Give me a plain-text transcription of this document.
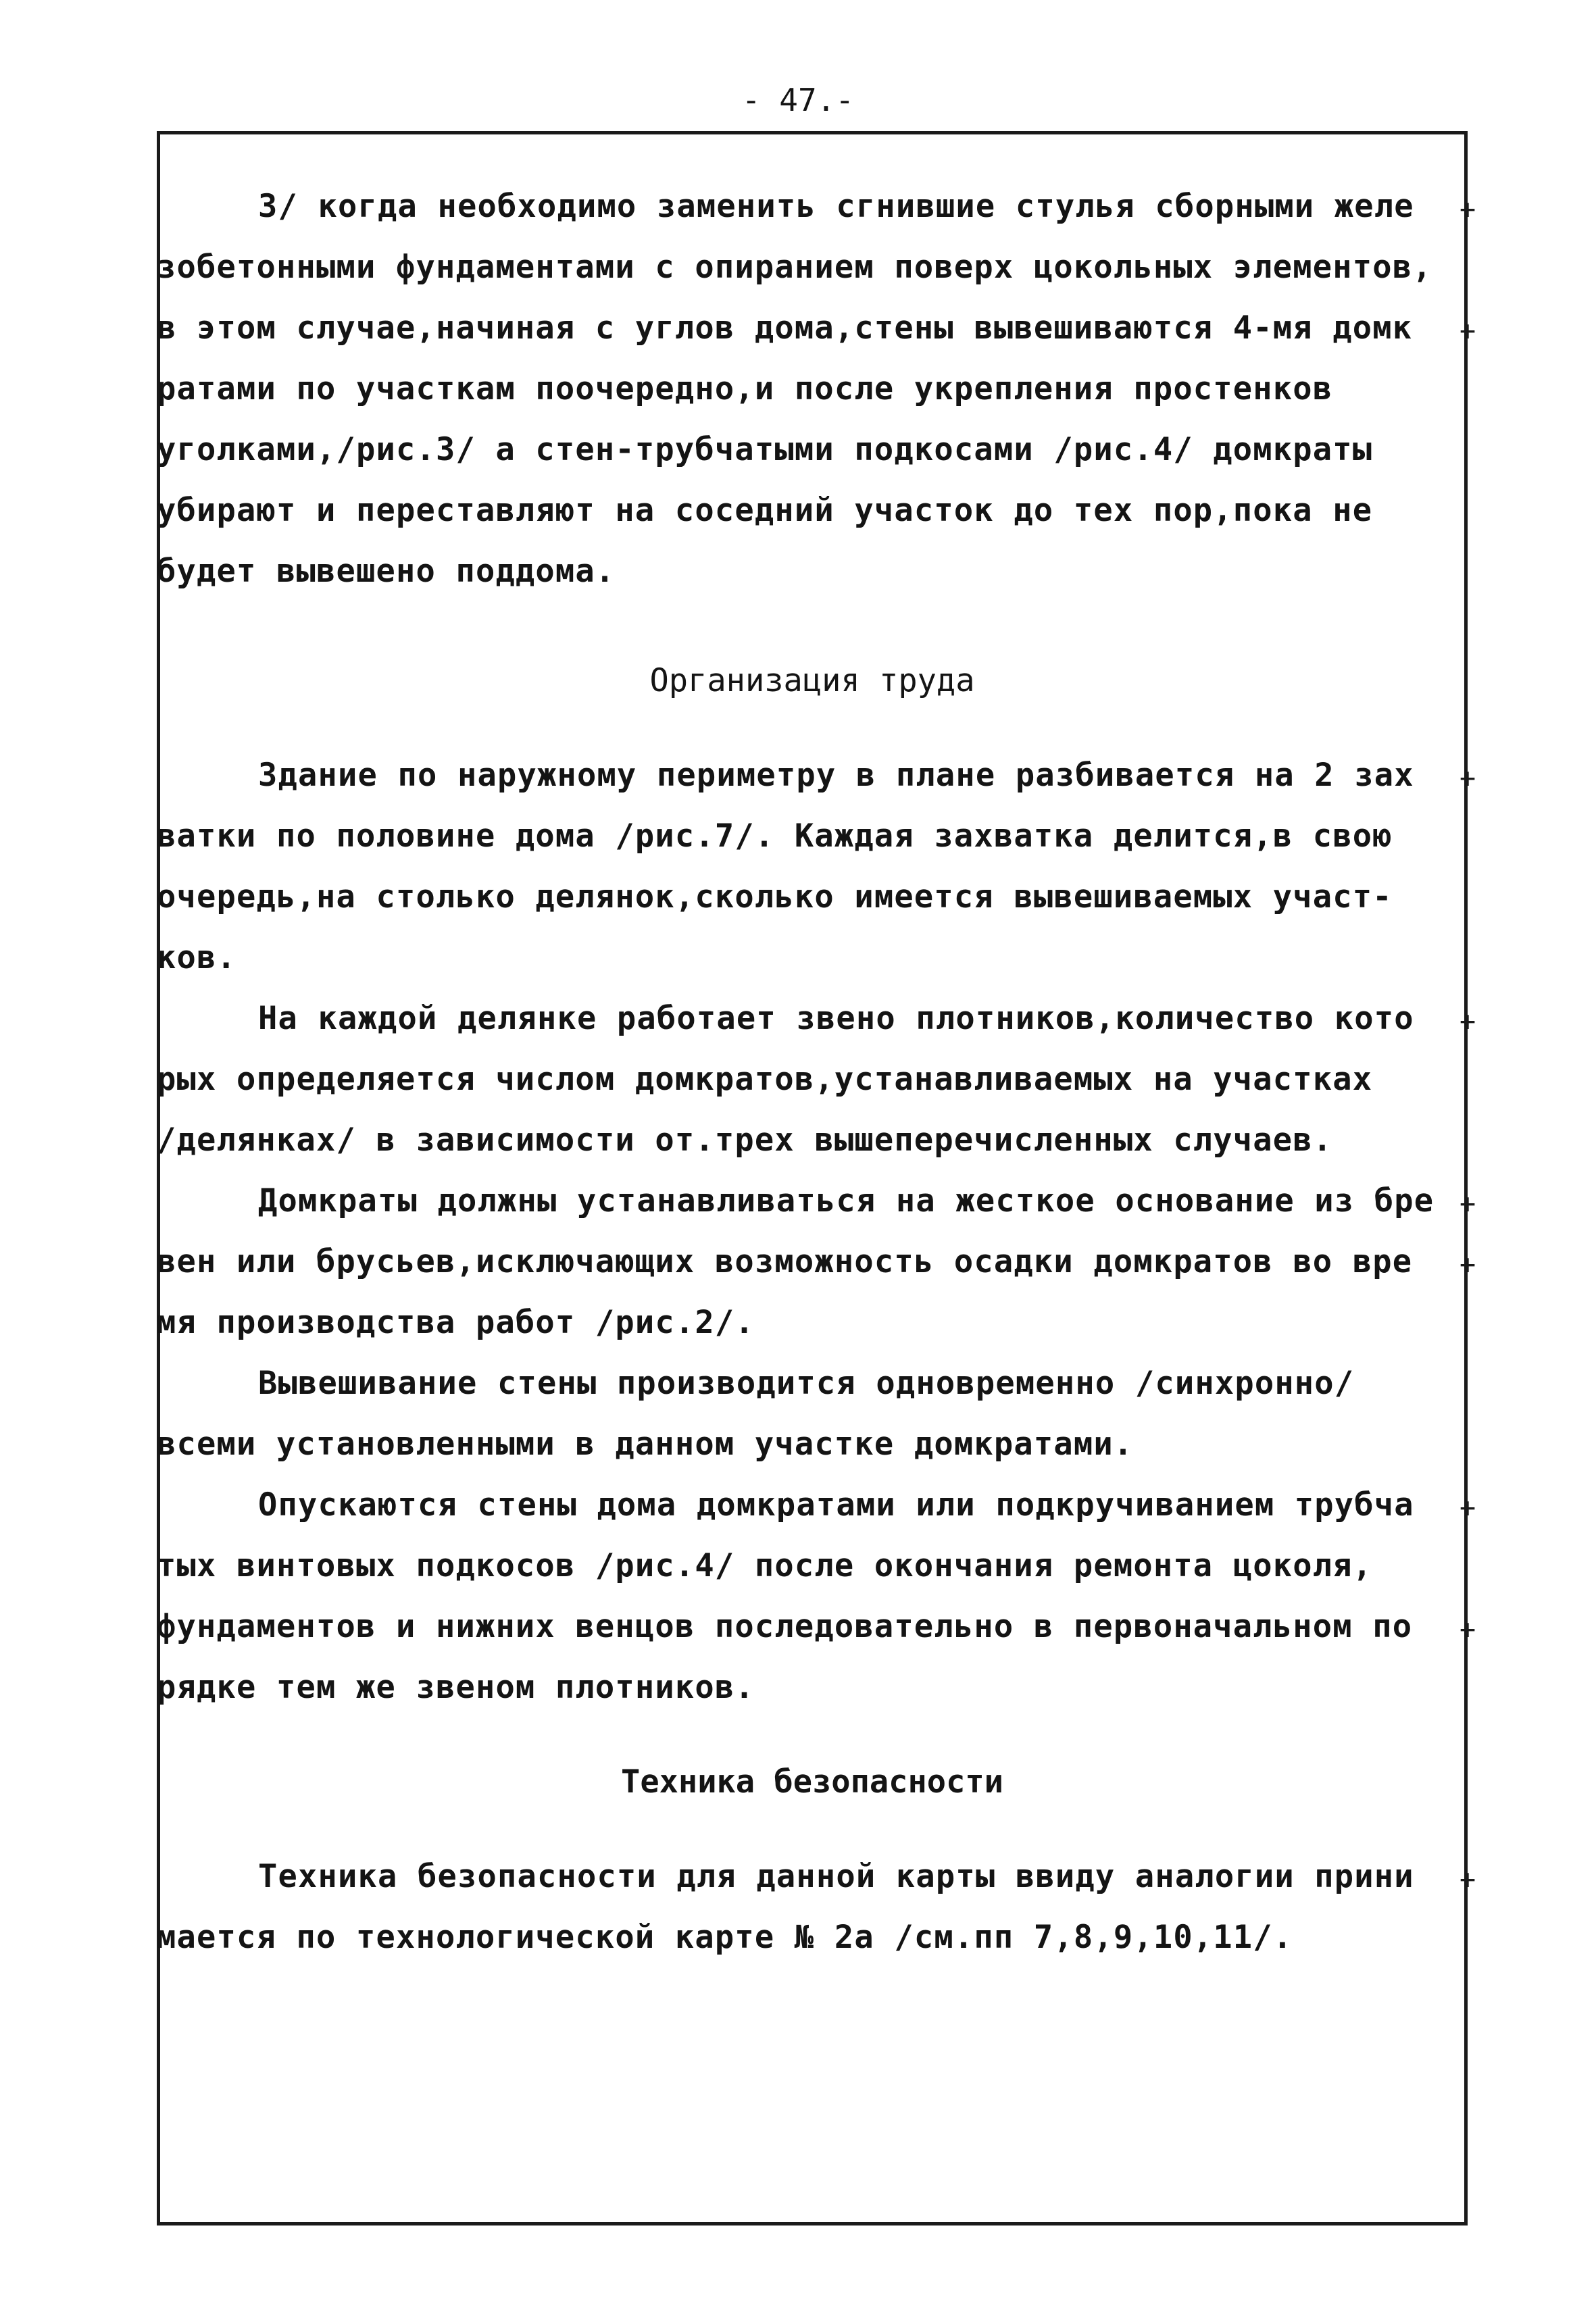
- 47.-
3/ когда необходимо заменить сгнившие стулья сборными желе
зобетонными фундаментами с опиранием поверх цокольных элементов,
в этом случае,начиная с углов дома,стены вывешиваются 4-мя домк
ратами по участкам поочередно,и после укрепления простенков
уголками,/рис.3/ а стен-трубчатыми подкосами /рис.4/ домкраты
убирают и переставляют на соседний участок до тех пор,пока не
будет вывешено поддома.
Организация труда
Здание по наружному периметру в плане разбивается на 2 зах
ватки по половине дома /рис.7/. Каждая захватка делится,в свою
очередь,на столько делянок,сколько имеется вывешиваемых участ-
ков.
На каждой делянке работает звено плотников,количество кото
рых определяется числом домкратов,устанавливаемых на участках
/делянках/ в зависимости от.трех вышеперечисленных случаев.
Домкраты должны устанавливаться на жесткое основание из бре
вен или брусьев,исключающих возможность осадки домкратов во вре
мя производства работ /рис.2/.
Вывешивание стены производится одновременно /синхронно/
всеми установленными в данном участке домкратами.
Опускаются стены дома домкратами или подкручиванием трубча
тых винтовых подкосов /рис.4/ после окончания ремонта цоколя,
фундаментов и нижних венцов последовательно в первоначальном по
рядке тем же звеном плотников.
Техника безопасности
Техника безопасности для данной карты ввиду аналогии прини
мается по технологической карте № 2а /см.пп 7,8,9,10,11/.
+
+
+
+
+
+
+
+
+
